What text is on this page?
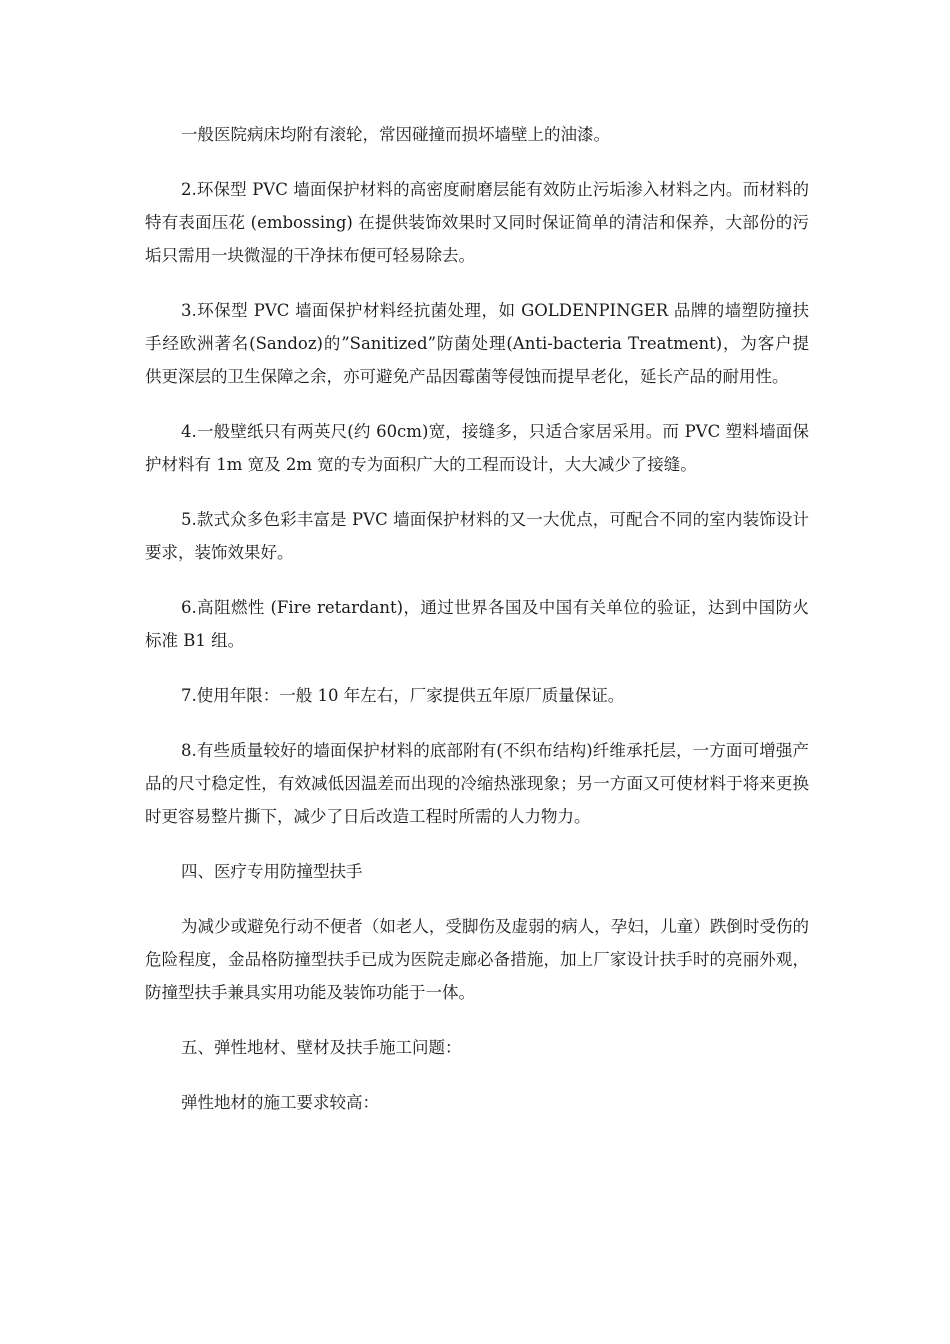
一般医院病床均附有滚轮，常因碰撞而损坏墙壁上的油漆。

2.环保型 PVC 墙面保护材料的高密度耐磨层能有效防止污垢渗入材料之内。而材料的特有表面压花 (embossing) 在提供装饰效果时又同时保证简单的清洁和保养，大部份的污垢只需用一块微湿的干净抹布便可轻易除去。

3.环保型 PVC 墙面保护材料经抗菌处理，如 GOLDENPINGER 品牌的墙塑防撞扶手经欧洲著名(Sandoz)的”Sanitized”防菌处理(Anti-bacteria Treatment)，为客户提供更深层的卫生保障之余，亦可避免产品因霉菌等侵蚀而提早老化，延长产品的耐用性。

4.一般壁纸只有两英尺(约 60cm)宽，接缝多，只适合家居采用。而 PVC 塑料墙面保护材料有 1m 宽及 2m 宽的专为面积广大的工程而设计，大大减少了接缝。

5.款式众多色彩丰富是 PVC 墙面保护材料的又一大优点，可配合不同的室内装饰设计要求，装饰效果好。

6.高阻燃性 (Fire retardant)，通过世界各国及中国有关单位的验证，达到中国防火标准 B1 组。

7.使用年限：一般 10 年左右，厂家提供五年原厂质量保证。

8.有些质量较好的墙面保护材料的底部附有(不织布结构)纤维承托层，一方面可增强产品的尺寸稳定性，有效减低因温差而出现的冷缩热涨现象；另一方面又可使材料于将来更换时更容易整片撕下，减少了日后改造工程时所需的人力物力。

四、医疗专用防撞型扶手

为减少或避免行动不便者（如老人，受脚伤及虚弱的病人，孕妇，儿童）跌倒时受伤的危险程度，金品格防撞型扶手已成为医院走廊必备措施，加上厂家设计扶手时的亮丽外观，防撞型扶手兼具实用功能及装饰功能于一体。

五、弹性地材、壁材及扶手施工问题：

弹性地材的施工要求较高：
